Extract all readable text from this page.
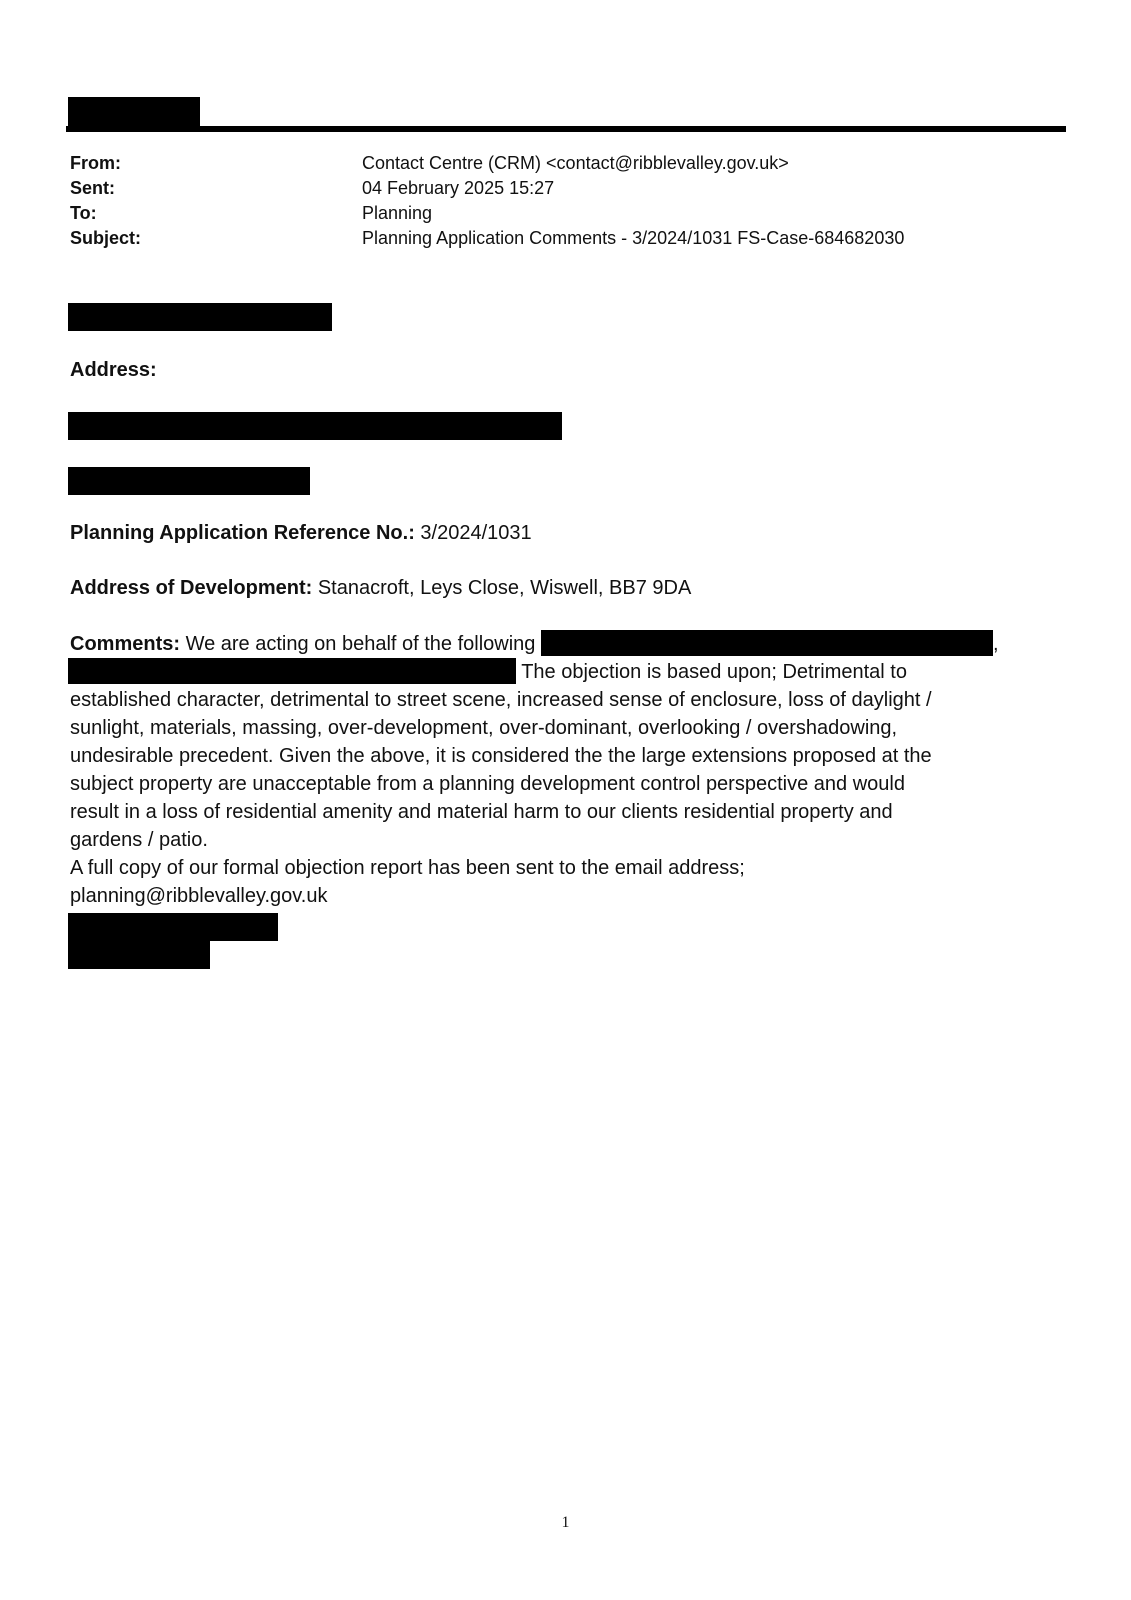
From:	Contact Centre (CRM) <contact@ribblevalley.gov.uk>
Sent:	04 February 2025 15:27
To:	Planning
Subject:	Planning Application Comments - 3/2024/1031 FS-Case-684682030
Address:
Planning Application Reference No.: 3/2024/1031
Address of Development: Stanacroft, Leys Close, Wiswell, BB7 9DA
Comments: We are acting on behalf of the following	,
The objection is based upon; Detrimental to
established character, detrimental to street scene, increased sense of enclosure, loss of daylight /
sunlight, materials, massing, over-development, over-dominant, overlooking / overshadowing,
undesirable precedent. Given the above, it is considered the the large extensions proposed at the
subject property are unacceptable from a planning development control perspective and would
result in a loss of residential amenity and material harm to our clients residential property and
gardens / patio.
A full copy of our formal objection report has been sent to the email address;
planning@ribblevalley.gov.uk
1
